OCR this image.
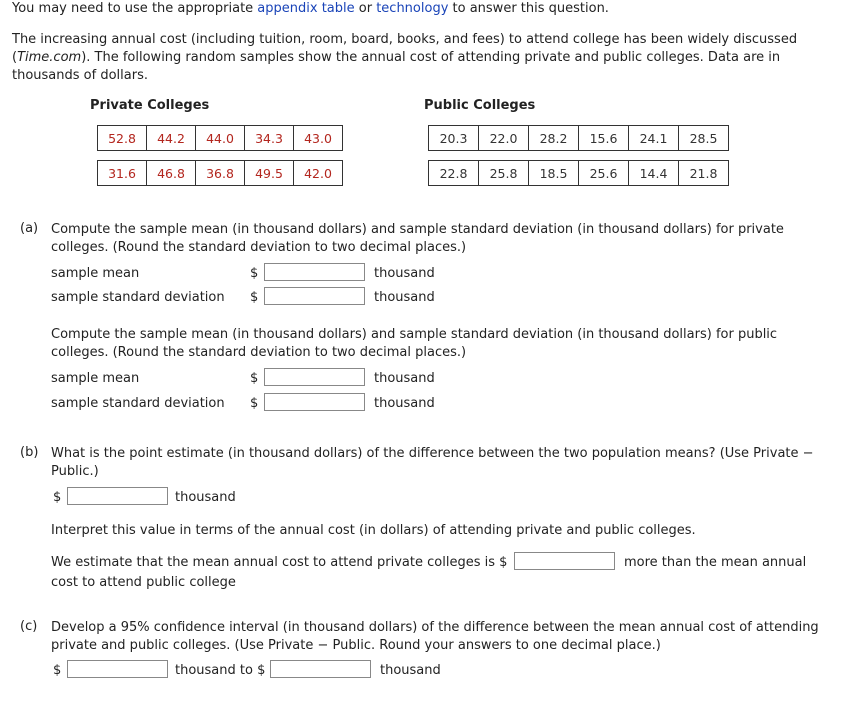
You may need to use the appropriate appendix table or technology to answer this question.
The increasing annual cost (including tuition, room, board, books, and fees) to attend college has been widely discussed (Time.com). The following random samples show the annual cost of attending private and public colleges. Data are in thousands of dollars.
Private Colleges	Public Colleges
52.8	44.2	44.0	34.3	43.0
31.6	46.8	36.8	49.5	42.0
20.3	22.0	28.2	15.6	24.1	28.5
22.8	25.8	18.5	25.6	14.4	21.8
(a) Compute the sample mean (in thousand dollars) and sample standard deviation (in thousand dollars) for private colleges. (Round the standard deviation to two decimal places.)
sample mean	$	thousand
sample standard deviation $	thousand
Compute the sample mean (in thousand dollars) and sample standard deviation (in thousand dollars) for public colleges. (Round the standard deviation to two decimal places.)
sample mean	$	thousand
sample standard deviation $	thousand
(b) What is the point estimate (in thousand dollars) of the difference between the two population means? (Use Private − Public.)
$	thousand
Interpret this value in terms of the annual cost (in dollars) of attending private and public colleges.
We estimate that the mean annual cost to attend private colleges is $	more than the mean annual
cost to attend public college
(c) Develop a 95% confidence interval (in thousand dollars) of the difference between the mean annual cost of attending private and public colleges. (Use Private − Public. Round your answers to one decimal place.)
$	thousand to $	thousand
